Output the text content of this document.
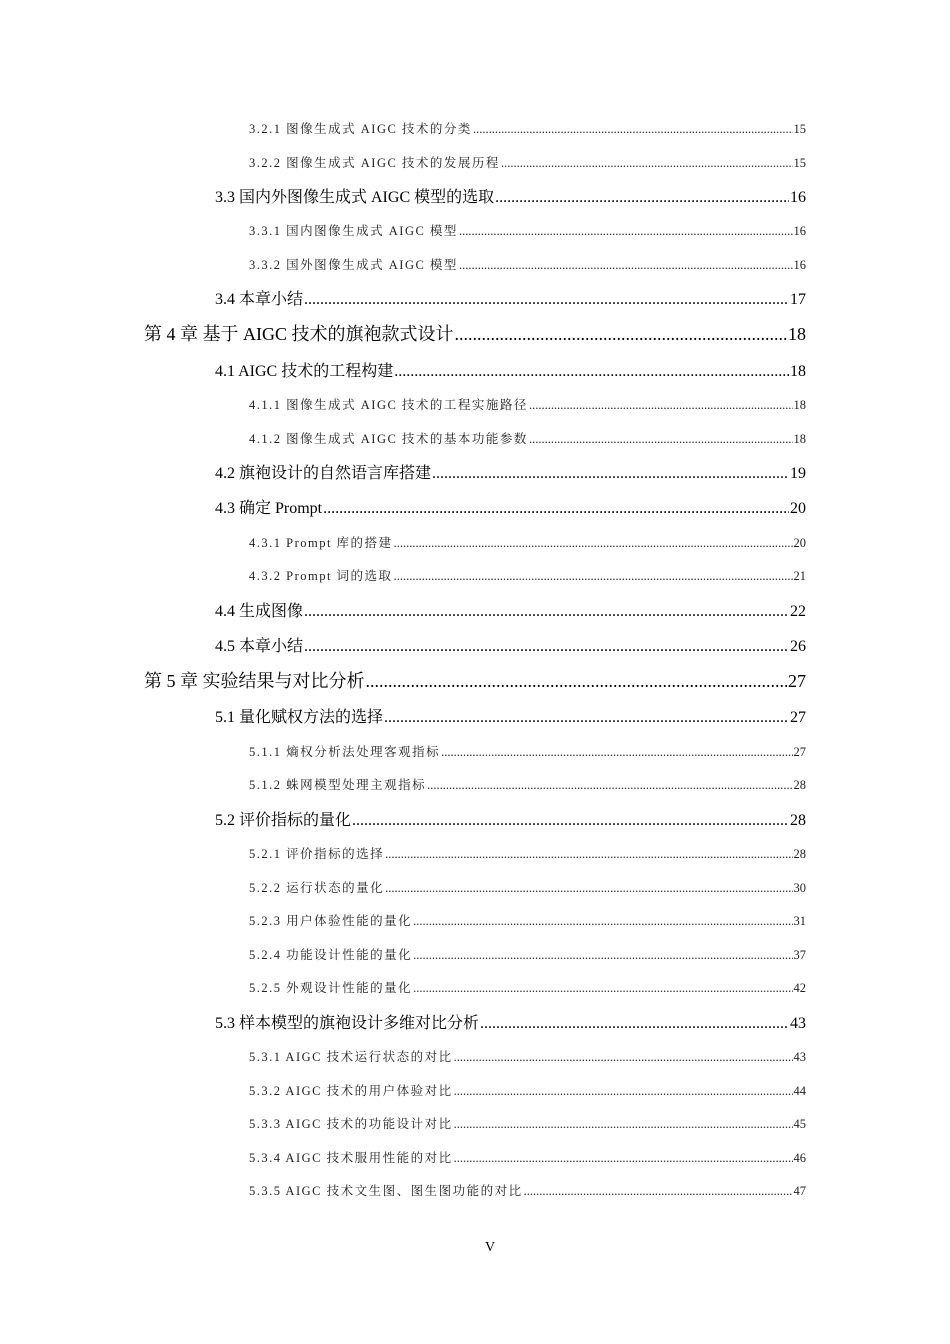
3.2.1 图像生成式 AIGC 技术的分类 .....	15
3.2.2 图像生成式 AIGC 技术的发展历程 .....	15
3.3 国内外图像生成式 AIGC 模型的选取 .....	16
3.3.1 国内图像生成式 AIGC 模型 .....	16
3.3.2 国外图像生成式 AIGC 模型 .....	16
3.4 本章小结 .....	17
第 4 章 基于 AIGC 技术的旗袍款式设计 .....	18
4.1 AIGC 技术的工程构建 .....	18
4.1.1 图像生成式 AIGC 技术的工程实施路径 .....	18
4.1.2 图像生成式 AIGC 技术的基本功能参数 .....	18
4.2 旗袍设计的自然语言库搭建 .....	19
4.3 确定 Prompt .....	20
4.3.1 Prompt 库的搭建 .....	20
4.3.2 Prompt 词的选取 .....	21
4.4 生成图像 .....	22
4.5 本章小结 .....	26
第 5 章 实验结果与对比分析 .....	27
5.1 量化赋权方法的选择 .....	27
5.1.1 熵权分析法处理客观指标 .....	27
5.1.2 蛛网模型处理主观指标 .....	28
5.2 评价指标的量化 .....	28
5.2.1 评价指标的选择 .....	28
5.2.2 运行状态的量化 .....	30
5.2.3 用户体验性能的量化 .....	31
5.2.4 功能设计性能的量化 .....	37
5.2.5 外观设计性能的量化 .....	42
5.3 样本模型的旗袍设计多维对比分析 .....	43
5.3.1 AIGC 技术运行状态的对比 .....	43
5.3.2 AIGC 技术的用户体验对比 .....	44
5.3.3 AIGC 技术的功能设计对比 .....	45
5.3.4 AIGC 技术服用性能的对比 .....	46
5.3.5 AIGC 技术文生图、图生图功能的对比 .....	47
V
